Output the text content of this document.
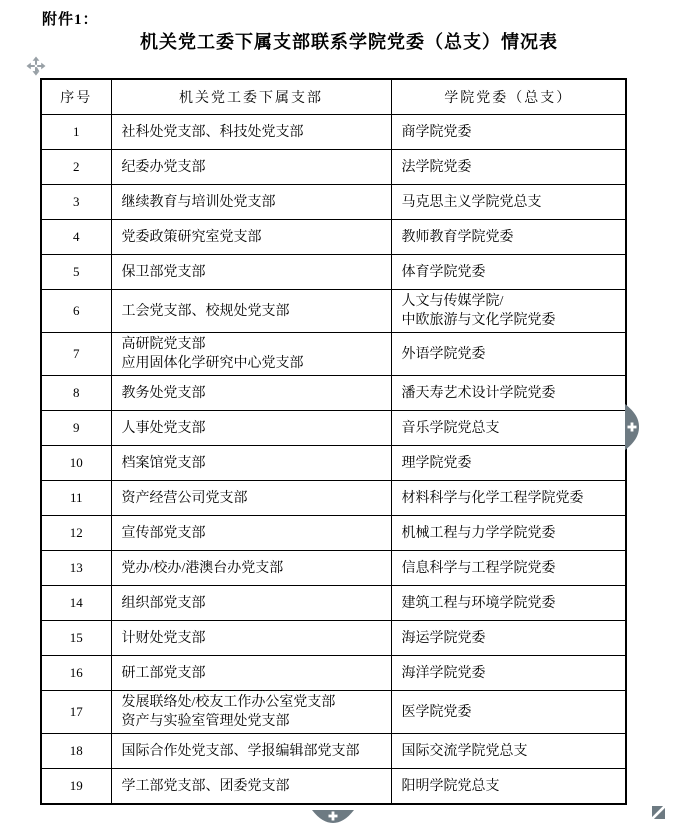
附件1：
机关党工委下属支部联系学院党委（总支）情况表
序号	机关党工委下属支部	学院党委（总支）
1	社科处党支部、科技处党支部	商学院党委

2	纪委办党支部	法学院党委

3	继续教育与培训处党支部	马克思主义学院党总支

4	党委政策研究室党支部	教师教育学院党委

5	保卫部党支部	体育学院党委

6	工会党支部、校规处党支部	人文与传媒学院/
中欧旅游与文化学院党委

7	高研院党支部
应用固体化学研究中心党支部	外语学院党委

8	教务处党支部	潘天寿艺术设计学院党委

9	人事处党支部	音乐学院党总支

10	档案馆党支部	理学院党委

11	资产经营公司党支部	材料科学与化学工程学院党委

12	宣传部党支部	机械工程与力学学院党委

13	党办/校办/港澳台办党支部	信息科学与工程学院党委

14	组织部党支部	建筑工程与环境学院党委

15	计财处党支部	海运学院党委

16	研工部党支部	海洋学院党委

17	发展联络处/校友工作办公室党支部
资产与实验室管理处党支部	医学院党委

18	国际合作处党支部、学报编辑部党支部	国际交流学院党总支

19	学工部党支部、团委党支部	阳明学院党总支
